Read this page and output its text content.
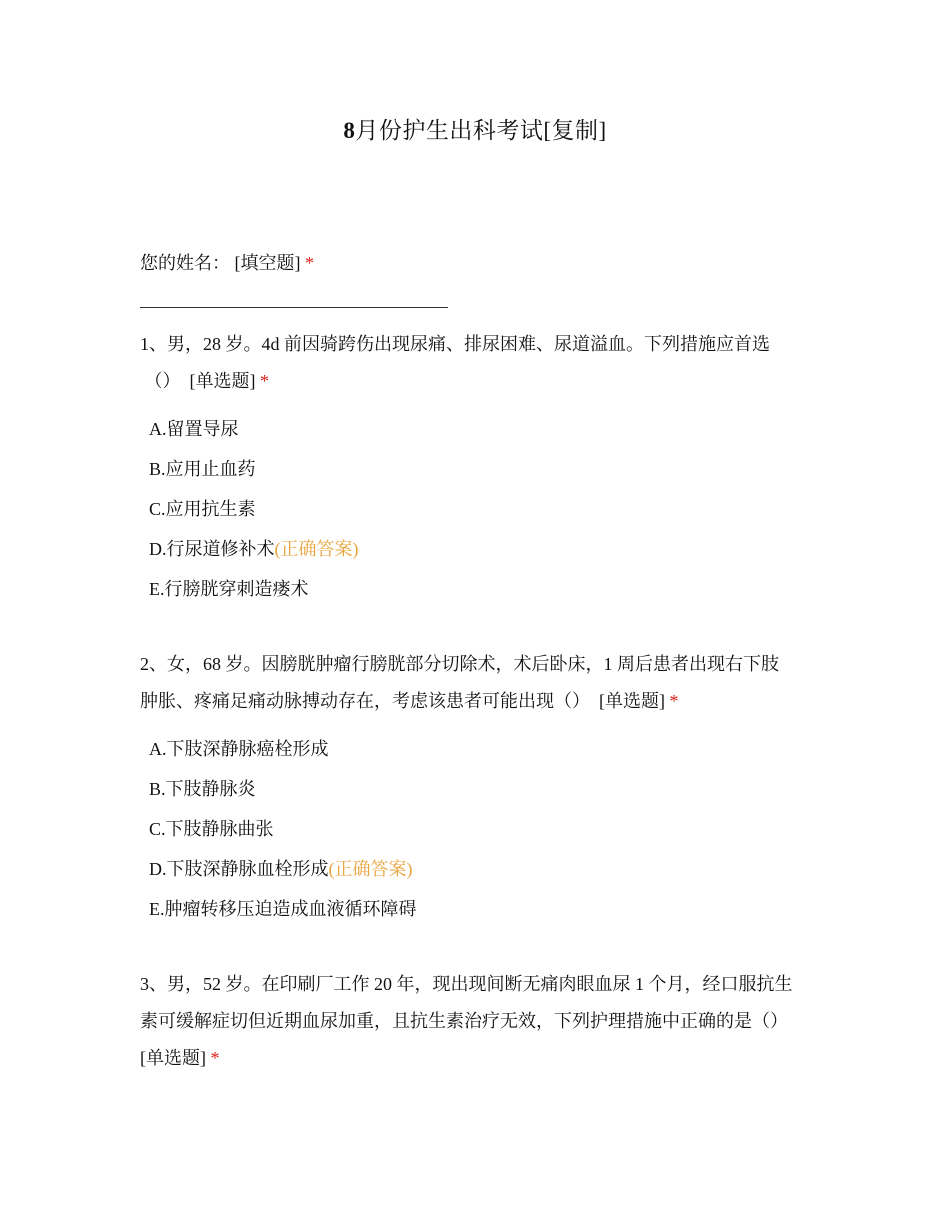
8月份护生出科考试[复制]
您的姓名： [填空题] *
1、男，28 岁。4d 前因骑跨伤出现尿痛、排尿困难、尿道溢血。下列措施应首选
（） [单选题] *
A.留置导尿
B.应用止血药
C.应用抗生素
D.行尿道修补术(正确答案)
E.行膀胱穿刺造瘘术
2、女，68 岁。因膀胱肿瘤行膀胱部分切除术，术后卧床，1 周后患者出现右下肢
肿胀、疼痛足痛动脉搏动存在，考虑该患者可能出现（） [单选题] *
A.下肢深静脉癌栓形成
B.下肢静脉炎
C.下肢静脉曲张
D.下肢深静脉血栓形成(正确答案)
E.肿瘤转移压迫造成血液循环障碍
3、男，52 岁。在印刷厂工作 20 年，现出现间断无痛肉眼血尿 1 个月，经口服抗生
素可缓解症切但近期血尿加重，且抗生素治疗无效，下列护理措施中正确的是（）
[单选题] *
